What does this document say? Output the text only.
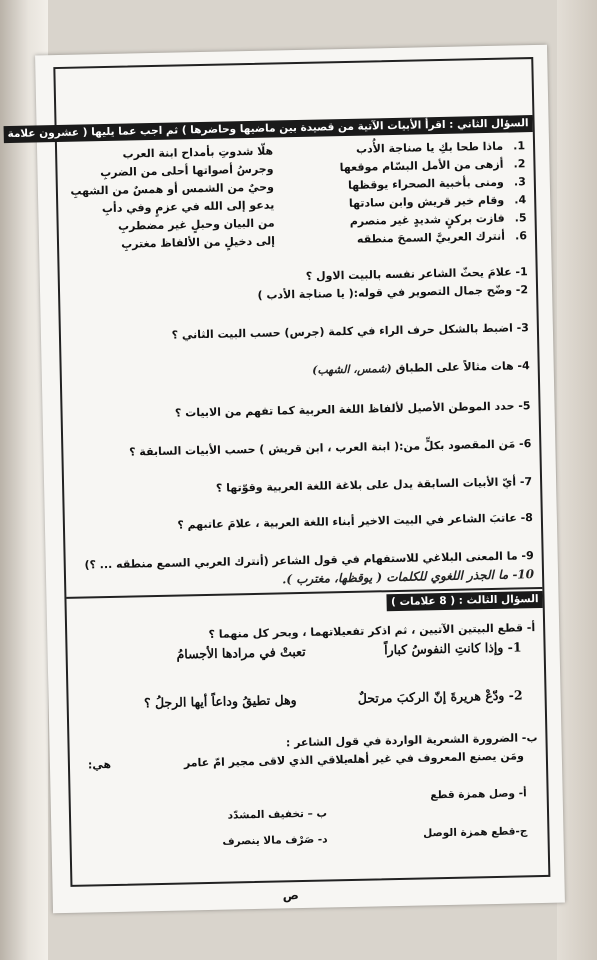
السؤال الثاني : اقرأ الأبيات الآتية من قصيدة بين ماضيها وحاضرها ) ثم اجب عما يليها ( عشرون علامة
1.
ماذا طحا بكِ يا صناجة الأُدب
هلّا شدوتِ بأمداح ابنة العرب
2.
أزهى من الأمل البسّام موقعها
وجرسُ أصواتها أحلى من الضربِ
3.
ومنى بأخبية الصحراء يوقظها
وحيٌ من الشمس أو همسٌ من الشهبِ
4.
وقام خير قريش وابن سادتها
يدعو إلى الله في عزمٍ وفي دأبِ
5.
فازت بركنٍ شديدٍ غير منصرم
من البيان وحبلٍ غير مضطربِ
6.
أنترك العربيَّ السمحَ منطقه
إلى دخيلٍ من الألفاظ مغتربِ
1- علامَ يحثّ الشاعر نفسه بالبيت الاول ؟
2- وضّح جمال التصوير في قوله:( يا صناجة الأدب )
3- اضبط بالشكل حرف الراء في كلمة (جرس) حسب البيت الثاني ؟
4- هات مثالاً على الطباق (شمس، الشهب)
5- حدد الموطن الأصيل لألفاظ اللغة العربية كما تفهم من الابيات ؟
6- مَن المقصود بكلٍّ من:( ابنة العرب ، ابن قريش ) حسب الأبيات السابقة ؟
7- أيّ الأبيات السابقة يدل على بلاغة اللغة العربية وقوّتها ؟
8- عاتبَ الشاعر في البيت الاخير أبناء اللغة العربية ، علامَ عاتبهم ؟
9- ما المعنى البلاغي للاستفهام في قول الشاعر (أنترك العربي السمع منطقه ... ؟)
10- ما الجذر اللغوي للكلمات ( يوقظها، مغترب ).
السؤال الثالث : ( 8 علامات )
أ- قطع البيتين الآتيين ، ثم اذكر تفعيلاتهما ، وبحر كل منهما ؟
1- وإذا كانتِ النفوسُ كباراً
تعبتْ في مرادها الأجسامُ
2- ودّعْ هريرةَ إنّ الركبَ مرتحلٌ
وهل تطيقُ وداعاً أيها الرجلُ ؟
ب- الضرورة الشعرية الواردة في قول الشاعر :
ومَن يصنع المعروف في غير أهله
يلاقي الذي لاقى مجير امّ عامر
هي:
أ- وصل همزة قطع
ب – تخفيف المشدّد
ج-قطع همزة الوصل
د- صَرْف مالا ينصرف
ص
